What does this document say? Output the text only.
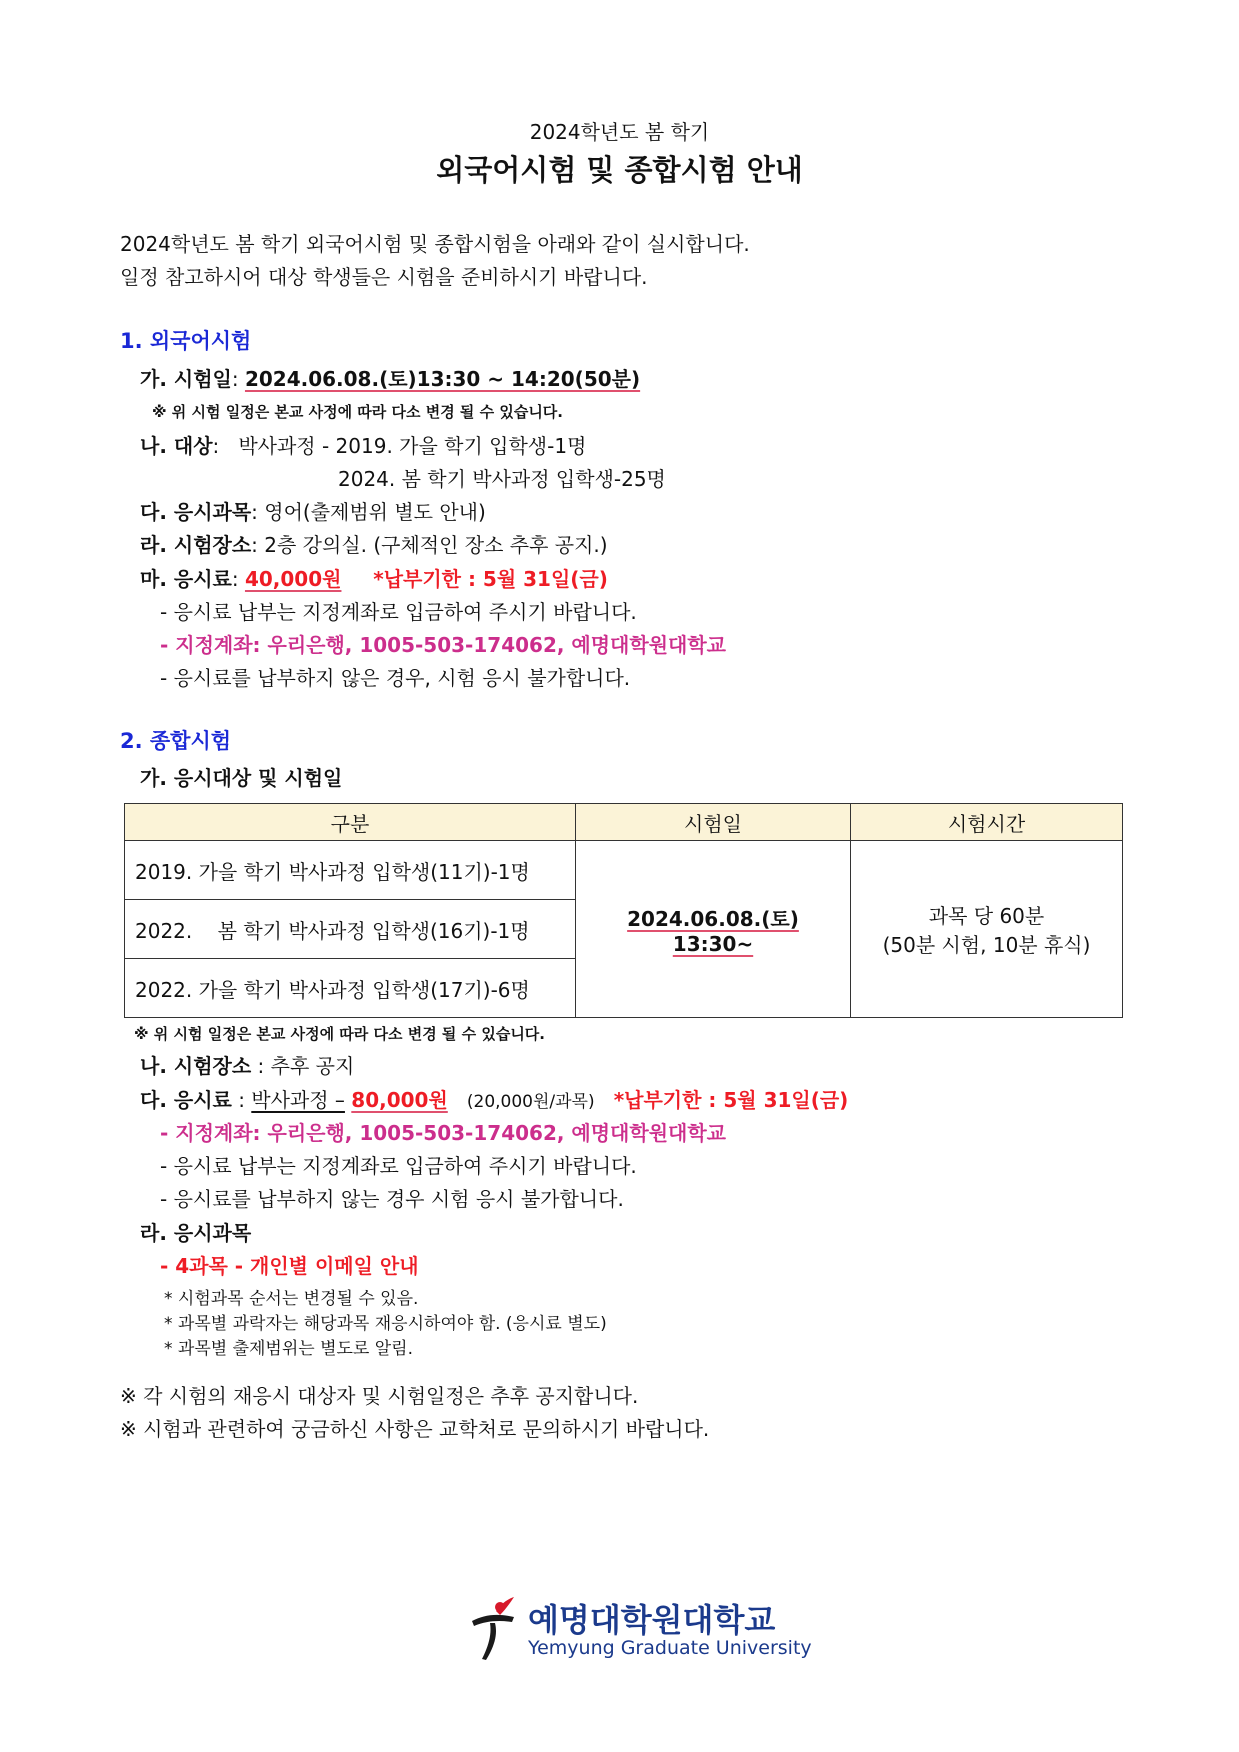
2024학년도 봄 학기
외국어시험 및 종합시험 안내
2024학년도 봄 학기 외국어시험 및 종합시험을 아래와 같이 실시합니다.
일정 참고하시어 대상 학생들은 시험을 준비하시기 바랍니다.
1. 외국어시험
가. 시험일: 2024.06.08.(토)13:30 ~ 14:20(50분)
※ 위 시험 일정은 본교 사정에 따라 다소 변경 될 수 있습니다.
나. 대상:   박사과정 - 2019. 가을 학기 입학생-1명
2024. 봄 학기 박사과정 입학생-25명
다. 응시과목: 영어(출제범위 별도 안내)
라. 시험장소: 2층 강의실. (구체적인 장소 추후 공지.)
마. 응시료: 40,000원 *납부기한 : 5월 31일(금)
- 응시료 납부는 지정계좌로 입금하여 주시기 바랍니다.
- 지정계좌: 우리은행, 1005-503-174062, 예명대학원대학교
- 응시료를 납부하지 않은 경우, 시험 응시 불가합니다.
2. 종합시험
가. 응시대상 및 시험일
구분	시험일	시험시간
2019. 가을 학기 박사과정 입학생(11기)-1명	2024.06.08.(토) 13:30~	과목 당 60분
(50분 시험, 10분 휴식)
2022.    봄 학기 박사과정 입학생(16기)-1명		
2022. 가을 학기 박사과정 입학생(17기)-6명		
※ 위 시험 일정은 본교 사정에 따라 다소 변경 될 수 있습니다.
나. 시험장소 : 추후 공지
다. 응시료 : 박사과정 – 80,000원 (20,000원/과목) *납부기한 : 5월 31일(금)
- 지정계좌: 우리은행, 1005-503-174062, 예명대학원대학교
- 응시료 납부는 지정계좌로 입금하여 주시기 바랍니다.
- 응시료를 납부하지 않는 경우 시험 응시 불가합니다.
라. 응시과목
- 4과목 - 개인별 이메일 안내
* 시험과목 순서는 변경될 수 있음.
* 과목별 과락자는 해당과목 재응시하여야 함. (응시료 별도)
* 과목별 출제범위는 별도로 알림.
※ 각 시험의 재응시 대상자 및 시험일정은 추후 공지합니다.
※ 시험과 관련하여 궁금하신 사항은 교학처로 문의하시기 바랍니다.
예명대학원대학교
Yemyung Graduate University
